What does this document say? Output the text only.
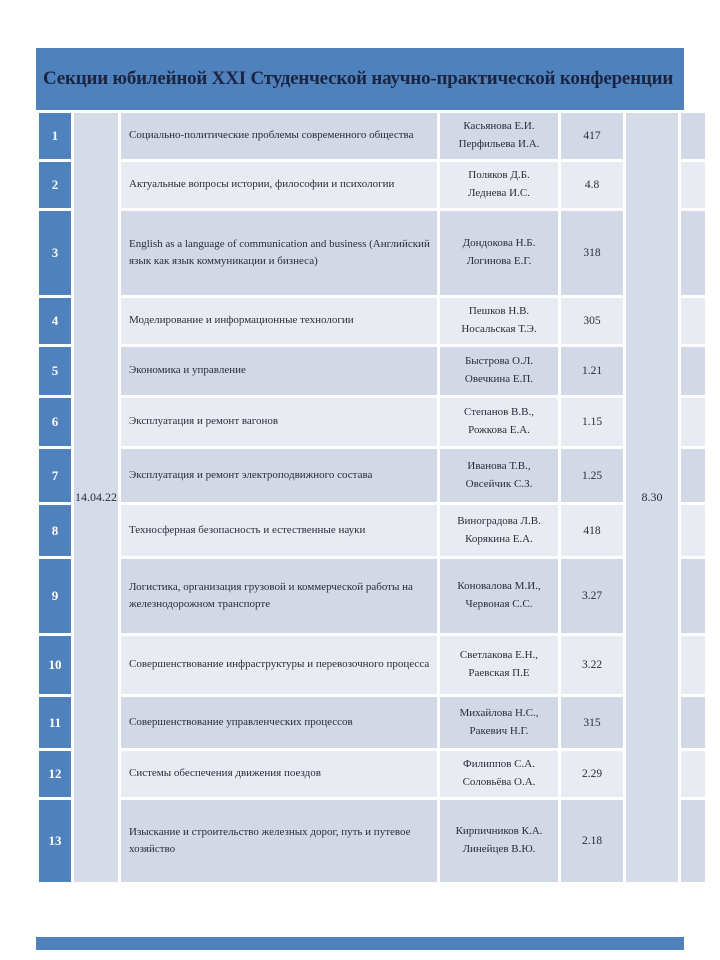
Секции юбилейной XXI Студенческой научно-практической конференции
1	14.04.22	Социально-политические проблемы современного общества	Касьянова Е.И.
Перфильева И.А.	417	8.30	
2		Актуальные вопросы истории, философии и психологии	Поляков Д.Б.
Леднева И.С.	4.8		
3		English as a language of communication and business (Английский язык как язык коммуникации и бизнеса)	Дондокова Н.Б.
Логинова Е.Г.	318		
4		Моделирование и информационные технологии	Пешков Н.В.
Носальская Т.Э.	305		
5		Экономика и управление	Быстрова О.Л.
Овечкина Е.П.	1.21		
6		Эксплуатация и ремонт вагонов	Степанов В.В.,
Рожкова Е.А.	1.15		
7		Эксплуатация и ремонт электроподвижного состава	Иванова Т.В.,
Овсейчик С.З.	1.25		
8		Техносферная безопасность и естественные науки	Виноградова Л.В.
Корякина Е.А.	418		
9		Логистика, организация грузовой и коммерческой работы на железнодорожном транспорте	Коновалова М.И.,
Червоная С.С.	3.27		
10		Совершенствование инфраструктуры и перевозочного процесса	Светлакова Е.Н.,
Раевская П.Е	3.22		
11		Совершенствование управленческих процессов	Михайлова Н.С.,
Ракевич Н.Г.	315		
12		Системы обеспечения движения поездов	Филиппов С.А.
Соловьёва О.А.	2.29		
13		Изыскание и строительство железных дорог, путь и путевое хозяйство	Кирпичников К.А.
Линейцев В.Ю.	2.18		
